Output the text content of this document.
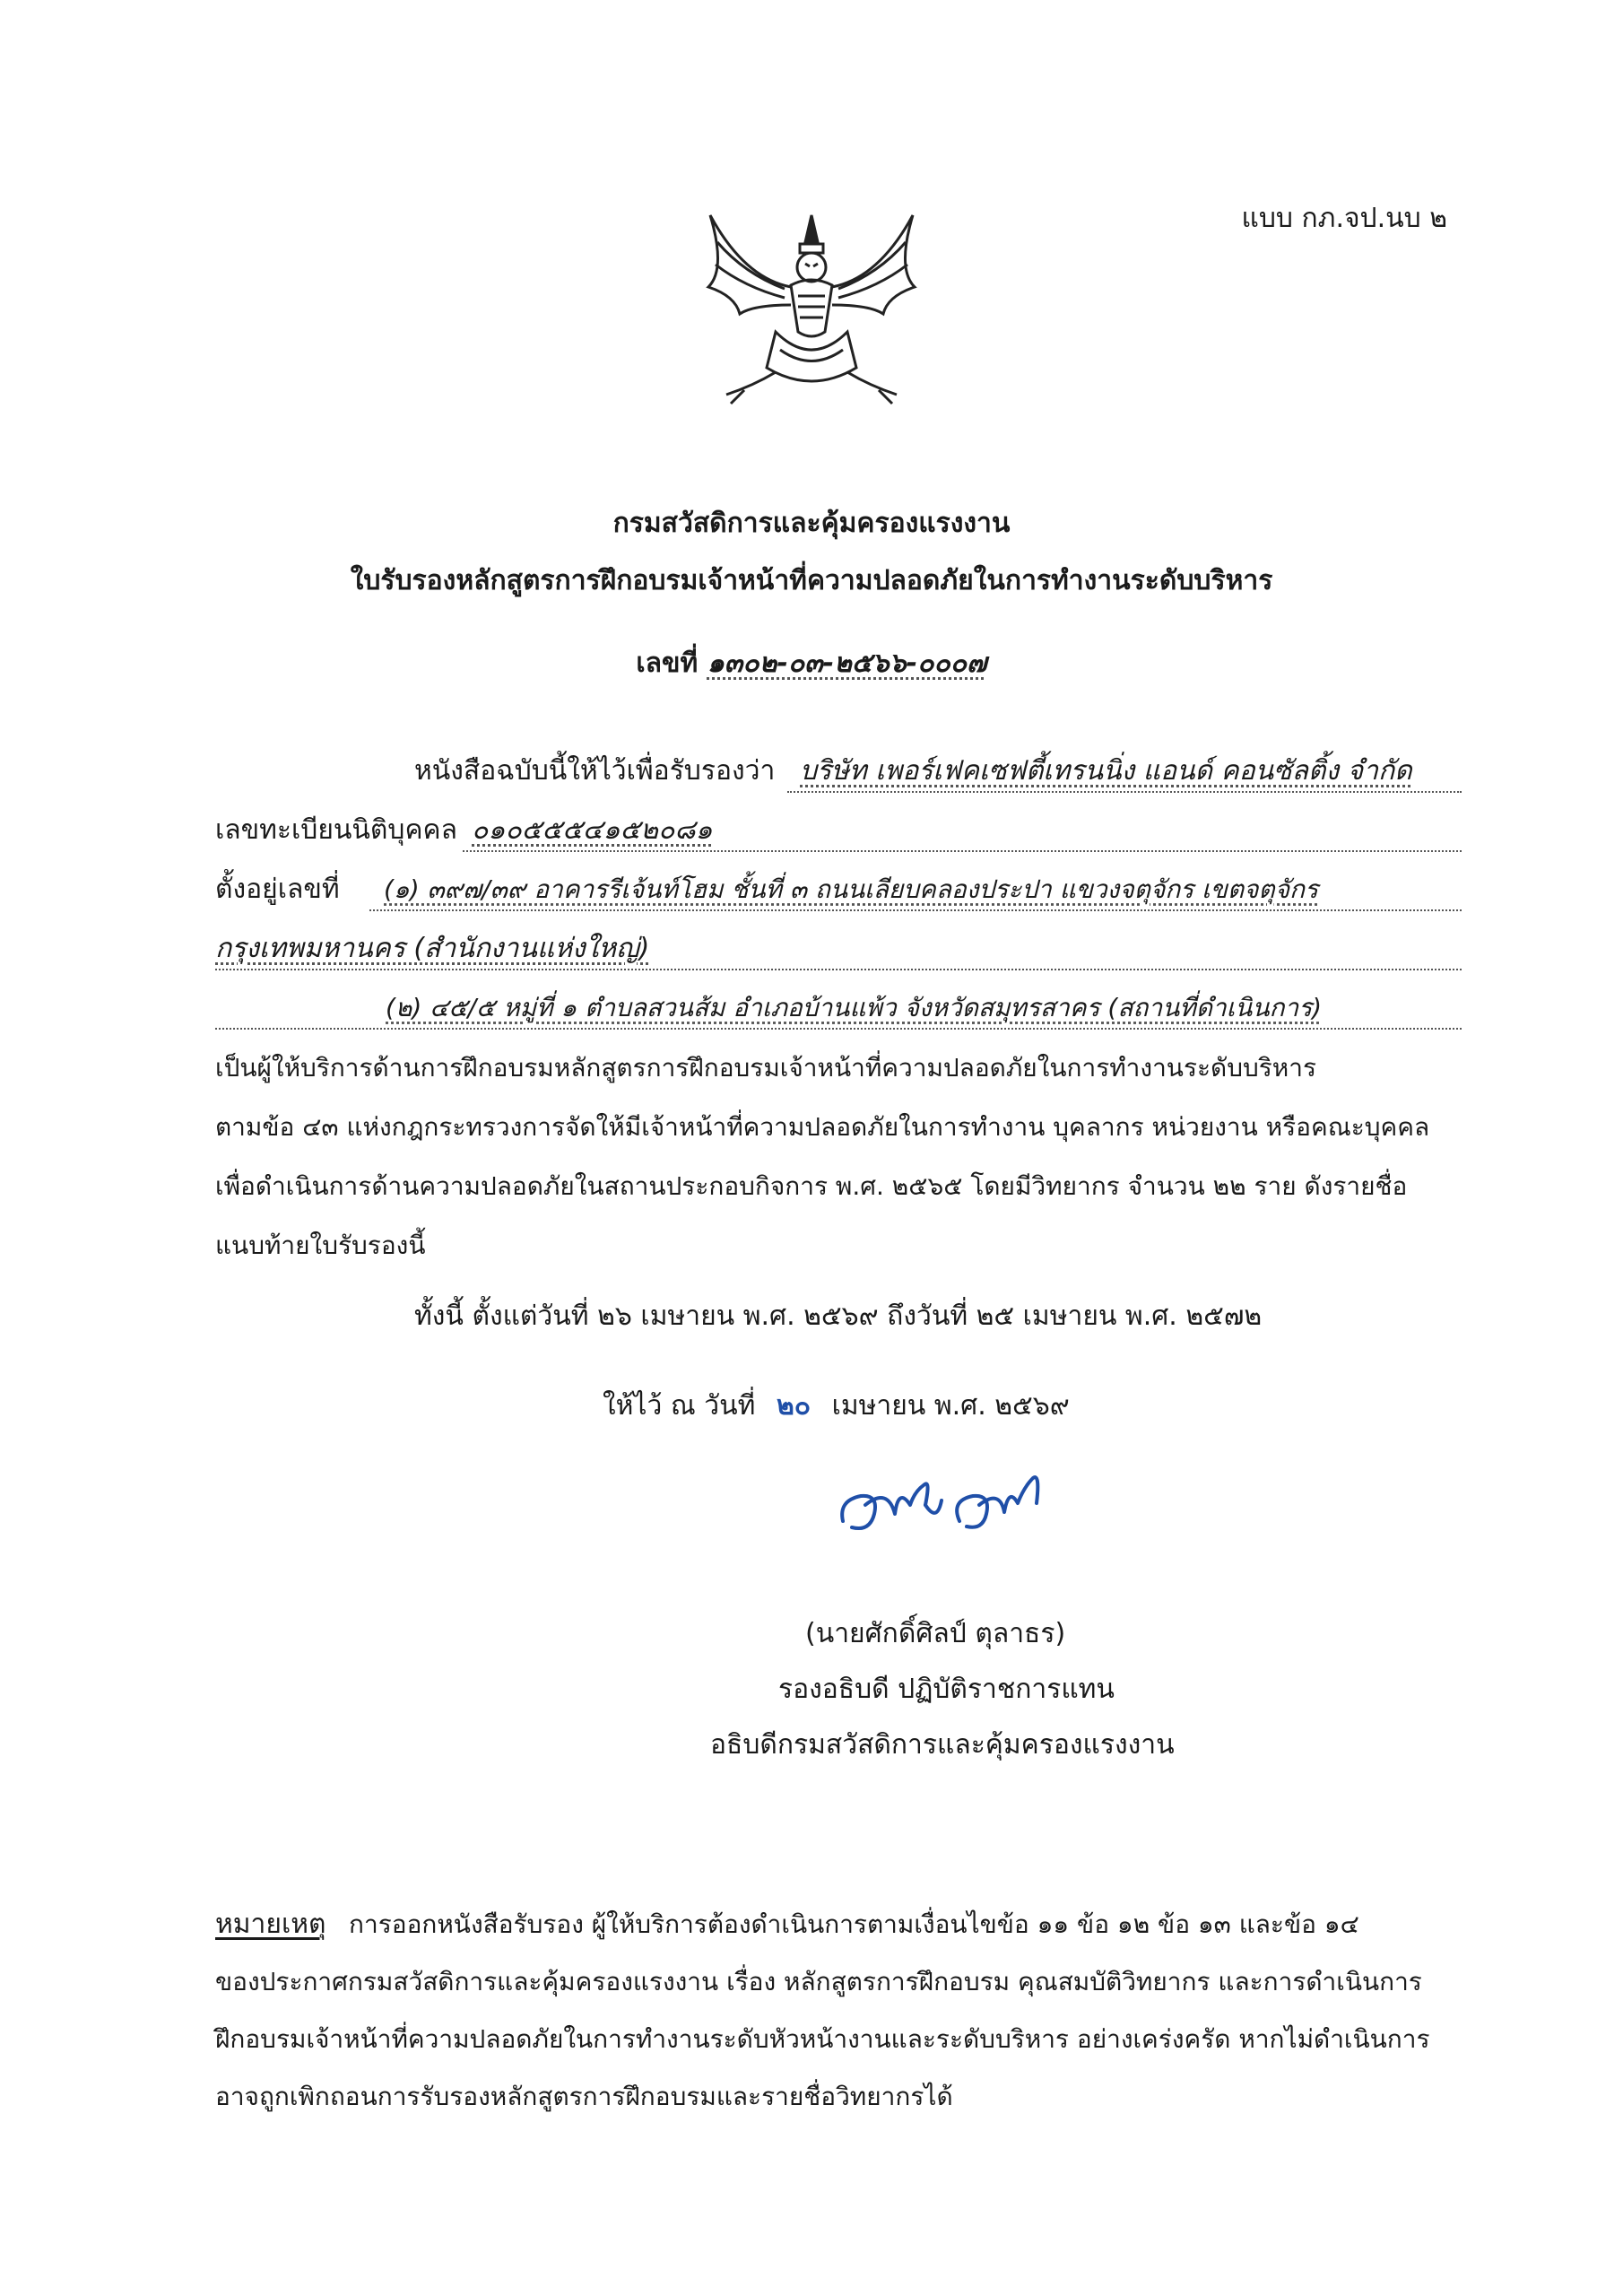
แบบ กภ.จป.นบ ๒
กรมสวัสดิการและคุ้มครองแรงงาน
ใบรับรองหลักสูตรการฝึกอบรมเจ้าหน้าที่ความปลอดภัยในการทำงานระดับบริหาร
เลขที่ ๑๓๐๒-๐๓-๒๕๖๖-๐๐๐๗
หนังสือฉบับนี้ให้ไว้เพื่อรับรองว่า บริษัท เพอร์เฟคเซฟตี้เทรนนิ่ง แอนด์ คอนซัลติ้ง จำกัด
เลขทะเบียนนิติบุคคล ๐๑๐๕๕๕๔๑๕๒๐๘๑
ตั้งอยู่เลขที่	(๑) ๓๙๗/๓๙ อาคารรีเจ้นท์โฮม ชั้นที่ ๓ ถนนเลียบคลองประปา แขวงจตุจักร เขตจตุจักร
กรุงเทพมหานคร (สำนักงานแห่งใหญ่)
(๒) ๔๕/๕ หมู่ที่ ๑ ตำบลสวนส้ม อำเภอบ้านแพ้ว จังหวัดสมุทรสาคร (สถานที่ดำเนินการ)
เป็นผู้ให้บริการด้านการฝึกอบรมหลักสูตรการฝึกอบรมเจ้าหน้าที่ความปลอดภัยในการทำงานระดับบริหาร
ตามข้อ ๔๓ แห่งกฎกระทรวงการจัดให้มีเจ้าหน้าที่ความปลอดภัยในการทำงาน บุคลากร หน่วยงาน หรือคณะบุคคล
เพื่อดำเนินการด้านความปลอดภัยในสถานประกอบกิจการ พ.ศ. ๒๕๖๕ โดยมีวิทยากร จำนวน ๒๒ ราย ดังรายชื่อ
แนบท้ายใบรับรองนี้
ทั้งนี้ ตั้งแต่วันที่ ๒๖ เมษายน พ.ศ. ๒๕๖๙ ถึงวันที่ ๒๕ เมษายน พ.ศ. ๒๕๗๒
ให้ไว้ ณ วันที่ ๒๐ เมษายน พ.ศ. ๒๕๖๙
(นายศักดิ์ศิลป์ ตุลาธร)
รองอธิบดี ปฏิบัติราชการแทน
อธิบดีกรมสวัสดิการและคุ้มครองแรงงาน
หมายเหตุ การออกหนังสือรับรอง ผู้ให้บริการต้องดำเนินการตามเงื่อนไขข้อ ๑๑ ข้อ ๑๒ ข้อ ๑๓ และข้อ ๑๔
ของประกาศกรมสวัสดิการและคุ้มครองแรงงาน เรื่อง หลักสูตรการฝึกอบรม คุณสมบัติวิทยากร และการดำเนินการ
ฝึกอบรมเจ้าหน้าที่ความปลอดภัยในการทำงานระดับหัวหน้างานและระดับบริหาร อย่างเคร่งครัด หากไม่ดำเนินการ
อาจถูกเพิกถอนการรับรองหลักสูตรการฝึกอบรมและรายชื่อวิทยากรได้
